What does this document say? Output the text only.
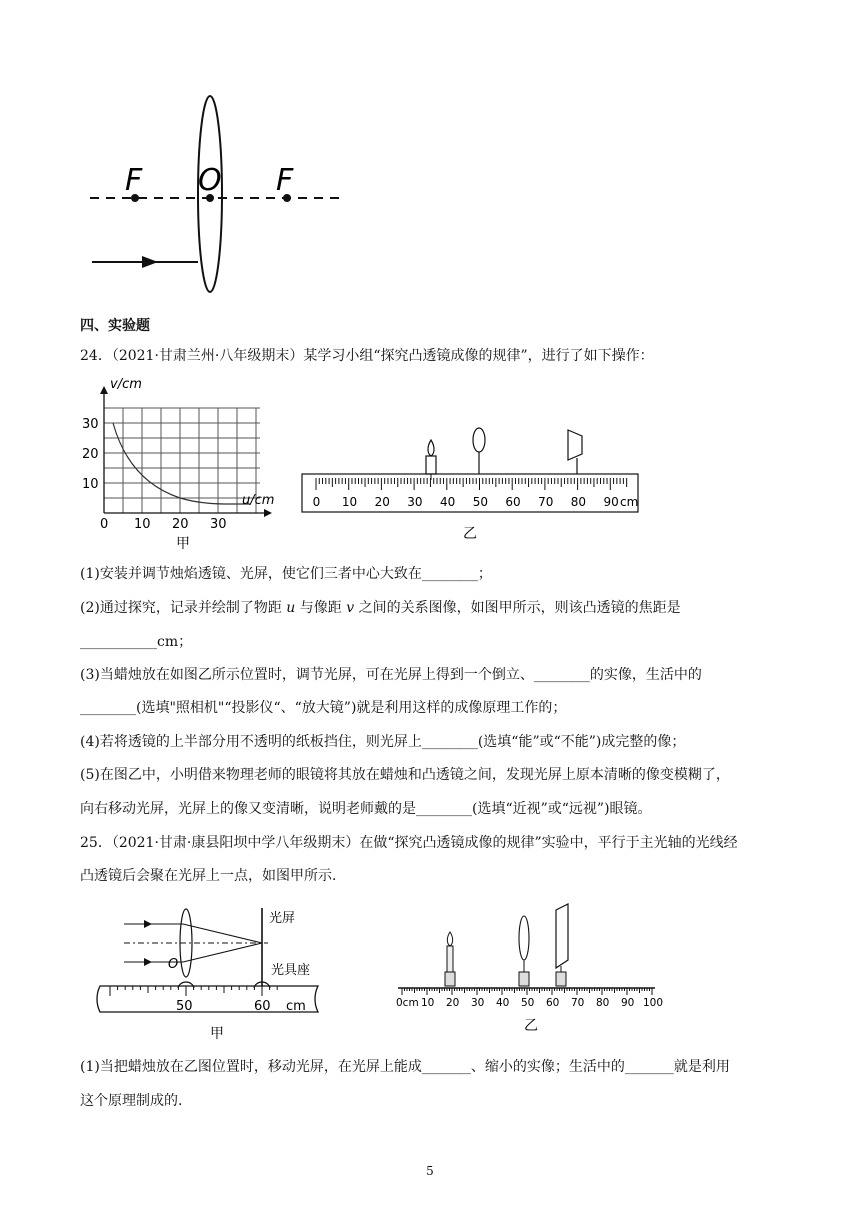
F O F
四、实验题
24．（2021·甘肃兰州·八年级期末）某学习小组“探究凸透镜成像的规律”，进行了如下操作：
v/cm
u/cm
30
20
10
0 10 20 30
甲
0 10 20 30 40 50 60 70 80 90 cm
乙
(1)安装并调节烛焰透镜、光屏，使它们三者中心大致在________；
(2)通过探究，记录并绘制了物距 u 与像距 v 之间的关系图像，如图甲所示，则该凸透镜的焦距是
___________cm；
(3)当蜡烛放在如图乙所示位置时，调节光屏，可在光屏上得到一个倒立、________的实像，生活中的
________(选填"照相机"“投影仪“、“放大镜”)就是利用这样的成像原理工作的；
(4)若将透镜的上半部分用不透明的纸板挡住，则光屏上________(选填“能”或“不能”)成完整的像；
(5)在图乙中，小明借来物理老师的眼镜将其放在蜡烛和凸透镜之间，发现光屏上原本清晰的像变模糊了，
向右移动光屏，光屏上的像又变清晰，说明老师戴的是________(选填“近视”或“远视”)眼镜。
25．（2021·甘肃·康县阳坝中学八年级期末）在做“探究凸透镜成像的规律”实验中，平行于主光轴的光线经
凸透镜后会聚在光屏上一点，如图甲所示．
光屏
光具座
O
50	60 cm
甲
0cm 10 20 30 40 50 60 70 80 90 100
乙
(1)当把蜡烛放在乙图位置时，移动光屏，在光屏上能成_______、缩小的实像；生活中的_______就是利用
这个原理制成的.
5
